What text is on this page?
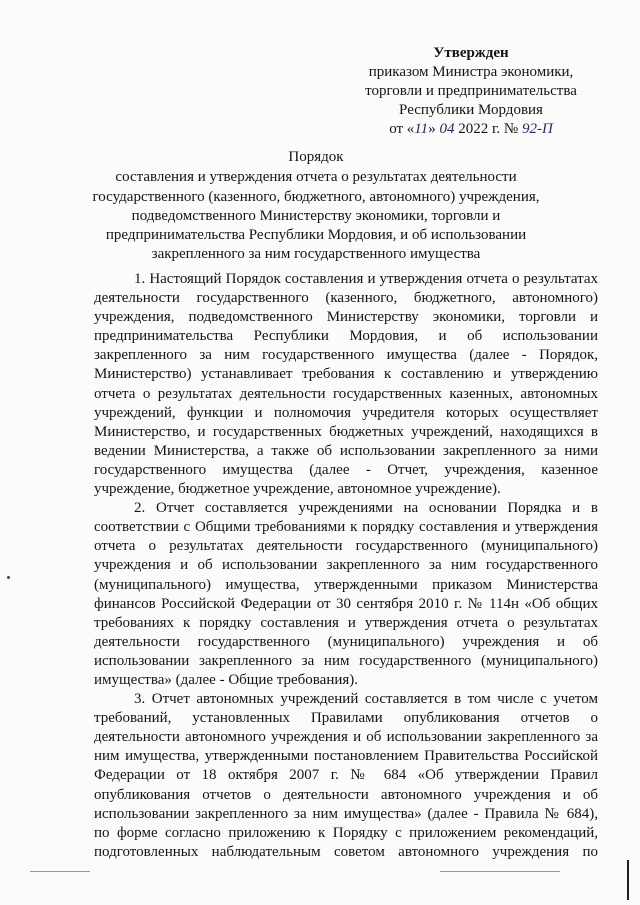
Утвержден
приказом Министра экономики,
торговли и предпринимательства
Республики Мордовия
от «11» 04 2022 г. № 92-П
Порядок
составления и утверждения отчета о результатах деятельности
государственного (казенного, бюджетного, автономного) учреждения,
подведомственного Министерству экономики, торговли и
предпринимательства Республики Мордовия, и об использовании
закрепленного за ним государственного имущества
1. Настоящий Порядок составления и утверждения отчета о результатах
деятельности государственного (казенного, бюджетного, автономного)
учреждения, подведомственного Министерству экономики, торговли и
предпринимательства Республики Мордовия, и об использовании
закрепленного за ним государственного имущества (далее - Порядок,
Министерство) устанавливает требования к составлению и утверждению
отчета о результатах деятельности государственных казенных, автономных
учреждений, функции и полномочия учредителя которых осуществляет
Министерство, и государственных бюджетных учреждений, находящихся в
ведении Министерства, а также об использовании закрепленного за ними
государственного имущества (далее - Отчет, учреждения, казенное
учреждение, бюджетное учреждение, автономное учреждение).
2. Отчет составляется учреждениями на основании Порядка и в
соответствии с Общими требованиями к порядку составления и утверждения
отчета о результатах деятельности государственного (муниципального)
учреждения и об использовании закрепленного за ним государственного
(муниципального) имущества, утвержденными приказом Министерства
финансов Российской Федерации от 30 сентября 2010 г. № 114н «Об общих
требованиях к порядку составления и утверждения отчета о результатах
деятельности государственного (муниципального) учреждения и об
использовании закрепленного за ним государственного (муниципального)
имущества» (далее - Общие требования).
3. Отчет автономных учреждений составляется в том числе с учетом
требований, установленных Правилами опубликования отчетов о
деятельности автономного учреждения и об использовании закрепленного за
ним имущества, утвержденными постановлением Правительства Российской
Федерации от 18 октября 2007 г. № 684 «Об утверждении Правил
опубликования отчетов о деятельности автономного учреждения и об
использовании закрепленного за ним имущества» (далее - Правила № 684),
по форме согласно приложению к Порядку с приложением рекомендаций,
подготовленных наблюдательным советом автономного учреждения по
